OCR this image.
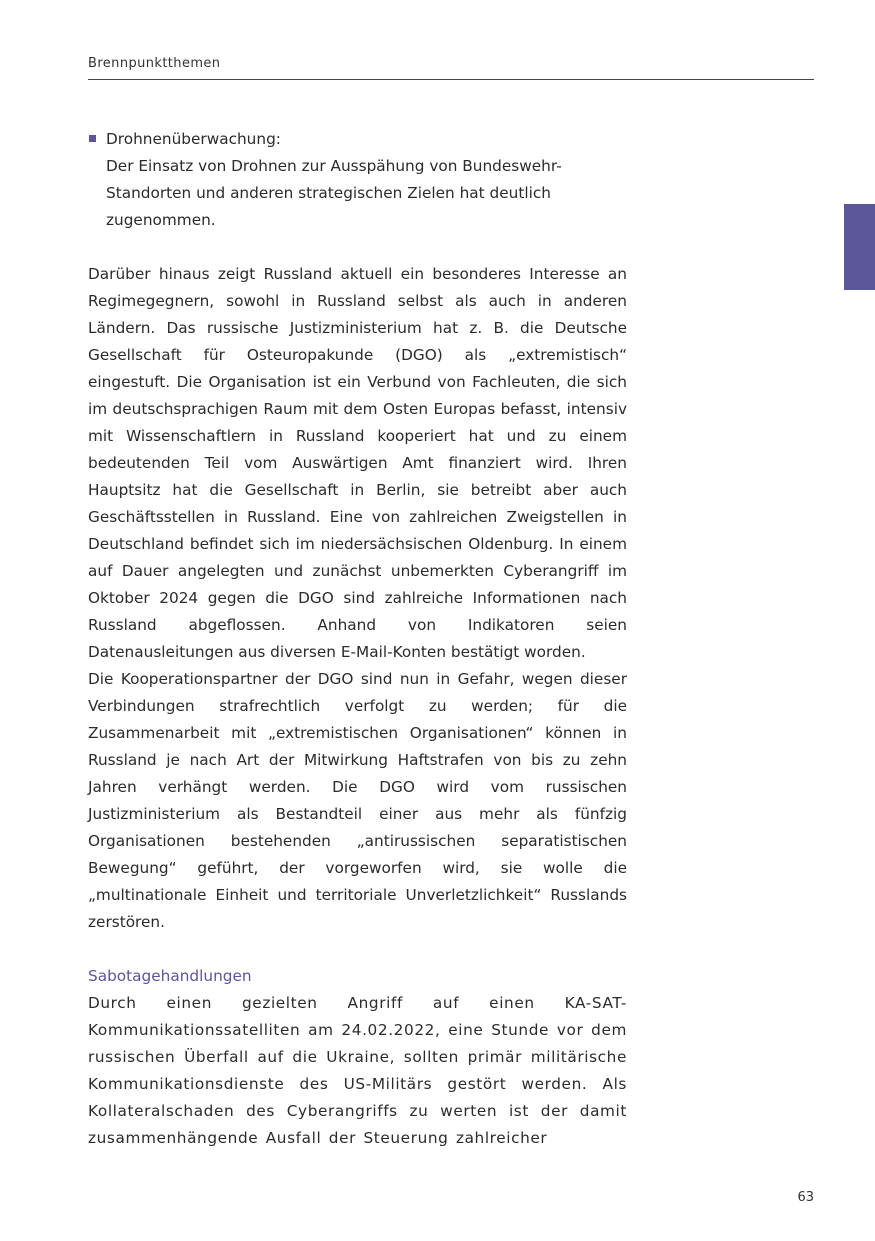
Brennpunktthemen
Drohnenüberwachung:
Der Einsatz von Drohnen zur Ausspähung von Bundeswehr-Standorten und anderen strategischen Zielen hat deutlich zugenommen.

Darüber hinaus zeigt Russland aktuell ein besonderes Interesse an Regimegegnern, sowohl in Russland selbst als auch in anderen Ländern. Das russische Justizministerium hat z. B. die Deutsche Gesellschaft für Osteuropakunde (DGO) als „extremistisch“ eingestuft. Die Organisation ist ein Verbund von Fachleuten, die sich im deutschsprachigen Raum mit dem Osten Europas befasst, intensiv mit Wissenschaftlern in Russland kooperiert hat und zu einem bedeutenden Teil vom Auswärtigen Amt finanziert wird. Ihren Hauptsitz hat die Gesellschaft in Berlin, sie betreibt aber auch Geschäftsstellen in Russland. Eine von zahlreichen Zweigstellen in Deutschland befindet sich im niedersächsischen Oldenburg. In einem auf Dauer angelegten und zunächst unbemerkten Cyberangriff im Oktober 2024 gegen die DGO sind zahlreiche Informationen nach Russland abgeflossen. Anhand von Indikatoren seien Datenausleitungen aus diversen E-Mail-Konten bestätigt worden.

Die Kooperationspartner der DGO sind nun in Gefahr, wegen dieser Verbindungen strafrechtlich verfolgt zu werden; für die Zusammenarbeit mit „extremistischen Organisationen“ können in Russland je nach Art der Mitwirkung Haftstrafen von bis zu zehn Jahren verhängt werden. Die DGO wird vom russischen Justizministerium als Bestandteil einer aus mehr als fünfzig Organisationen bestehenden „antirussischen separatistischen Bewegung“ geführt, der vorgeworfen wird, sie wolle die „multinationale Einheit und territoriale Unverletzlichkeit“ Russlands zerstören.

Sabotagehandlungen

Durch einen gezielten Angriff auf einen KA-SAT-Kommunikationssatelliten am 24.02.2022, eine Stunde vor dem russischen Überfall auf die Ukraine, sollten primär militärische Kommunikationsdienste des US-Militärs gestört werden. Als Kollateralschaden des Cyberangriffs zu werten ist der damit zusammenhängende Ausfall der Steuerung zahlreicher

63
